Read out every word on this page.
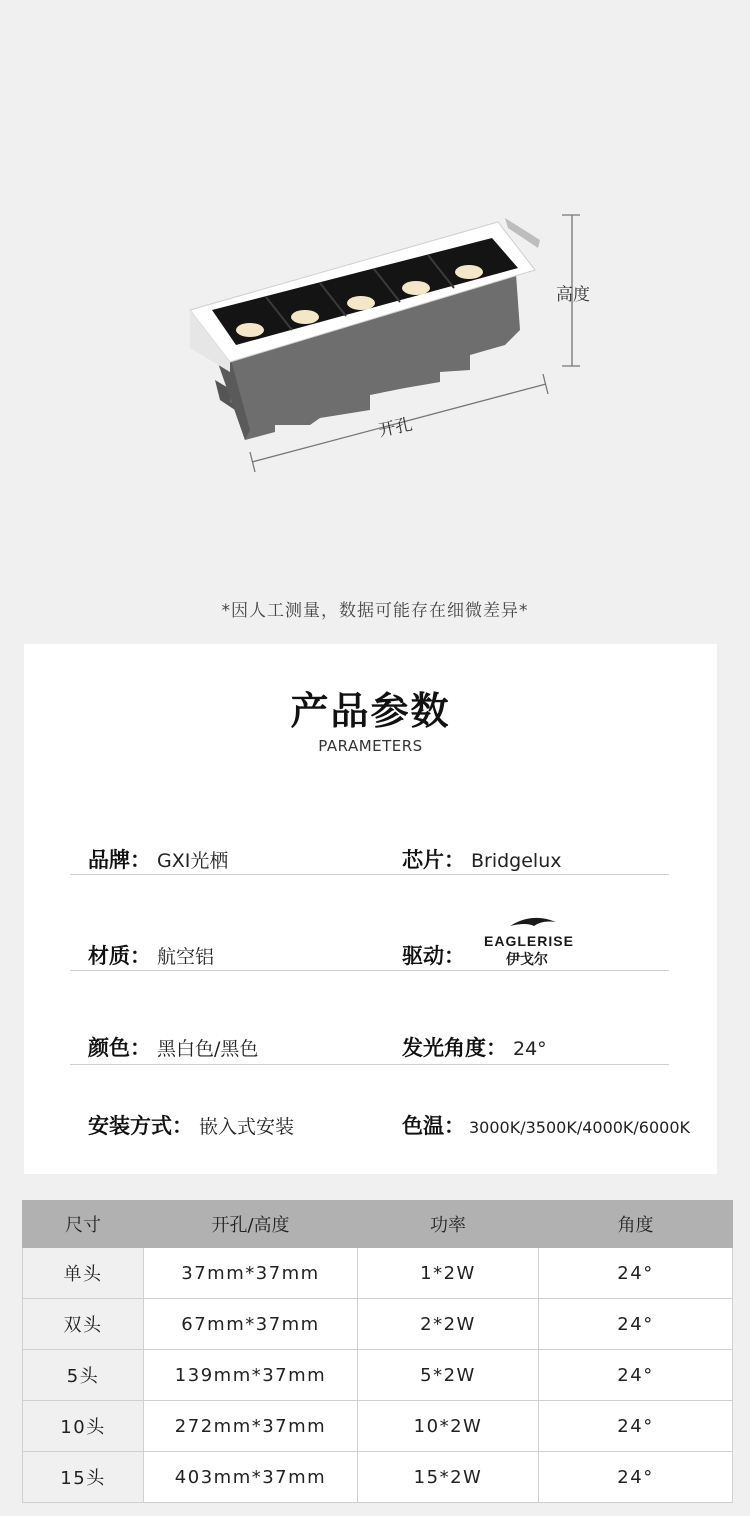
高度
开孔
*因人工测量，数据可能存在细微差异*
产品参数
PARAMETERS
品牌： GXI光栖	芯片： Bridgelux
材质： 航空铝	驱动：
EAGLERISE
伊戈尔
颜色： 黑白色/黑色	发光角度： 24°
安装方式： 嵌入式安装	色温： 3000K/3500K/4000K/6000K
尺寸	开孔/高度	功率	角度
单头	37mm*37mm	1*2W	24°
双头	67mm*37mm	2*2W	24°
5头	139mm*37mm	5*2W	24°
10头	272mm*37mm	10*2W	24°
15头	403mm*37mm	15*2W	24°
